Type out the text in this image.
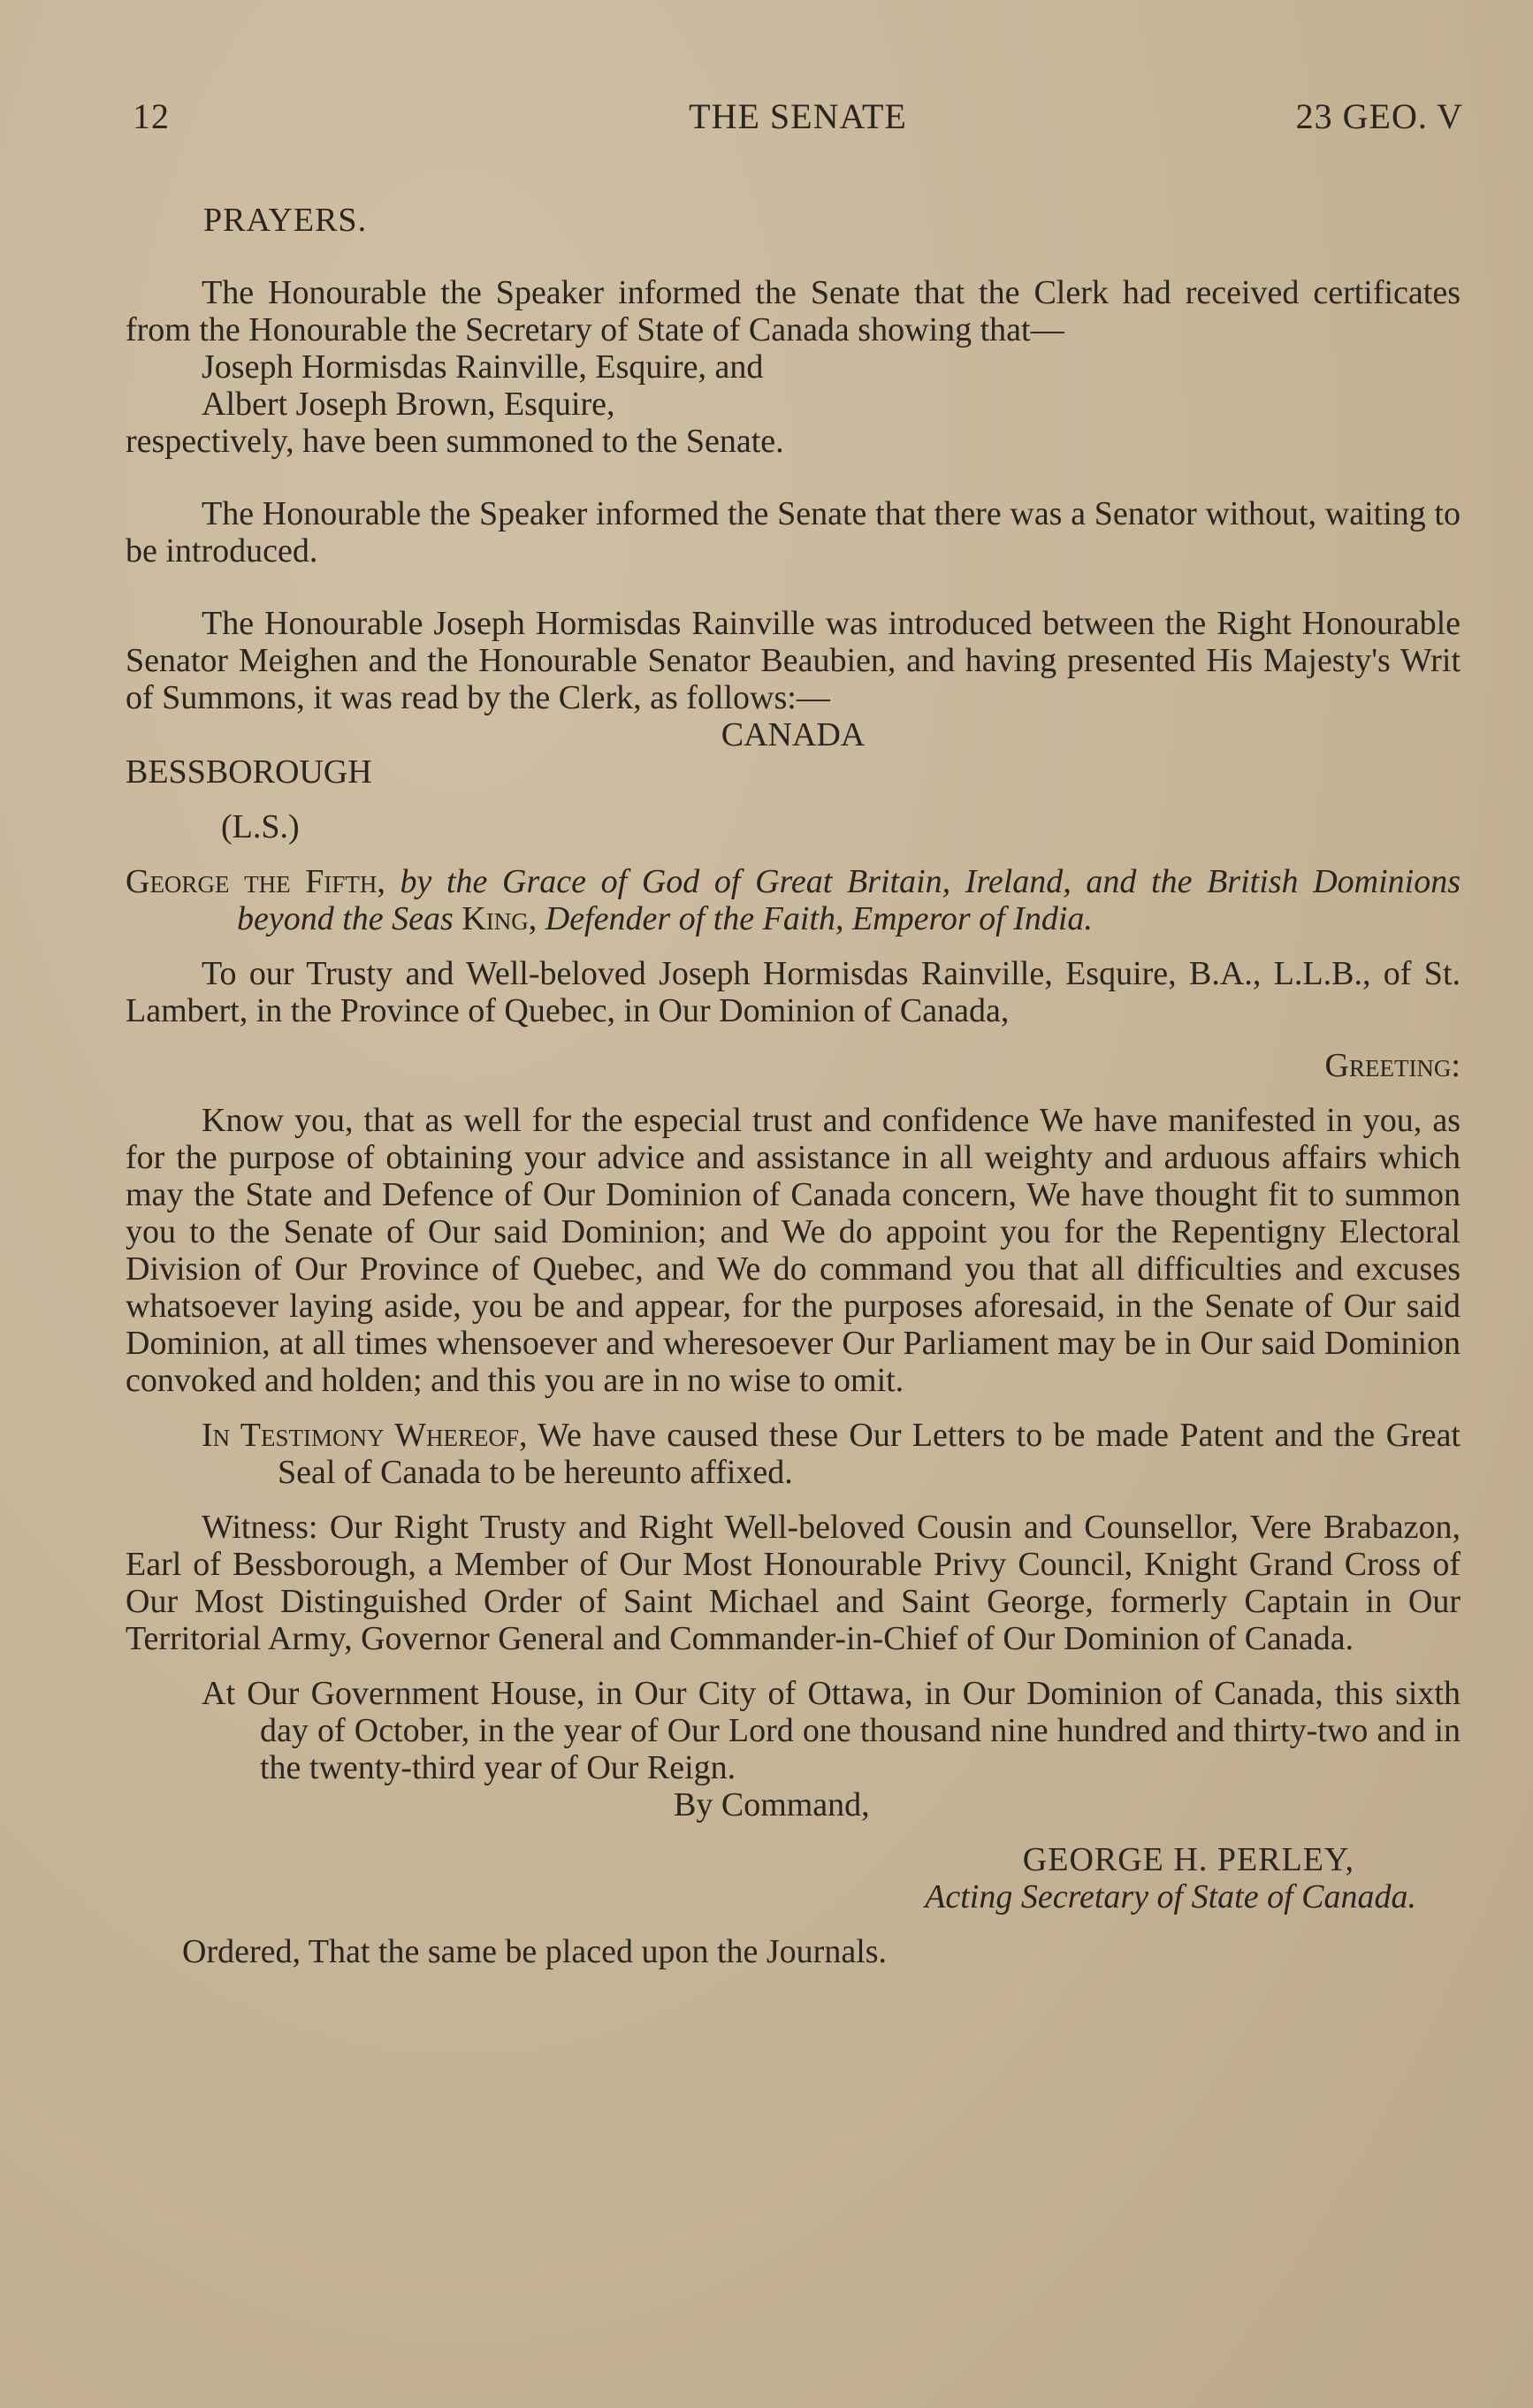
12	THE SENATE	23 GEO. V

PRAYERS.

The Honourable the Speaker informed the Senate that the Clerk had received certificates from the Honourable the Secretary of State of Canada showing that—

Joseph Hormisdas Rainville, Esquire, and

Albert Joseph Brown, Esquire,

respectively, have been summoned to the Senate.

The Honourable the Speaker informed the Senate that there was a Senator without, waiting to be introduced.

The Honourable Joseph Hormisdas Rainville was introduced between the Right Honourable Senator Meighen and the Honourable Senator Beaubien, and having presented His Majesty's Writ of Summons, it was read by the Clerk, as follows:—

CANADA

BESSBOROUGH

(L.S.)

George the Fifth, by the Grace of God of Great Britain, Ireland, and the British Dominions beyond the Seas King, Defender of the Faith, Emperor of India.

To our Trusty and Well-beloved Joseph Hormisdas Rainville, Esquire, B.A., L.L.B., of St. Lambert, in the Province of Quebec, in Our Dominion of Canada,

Greeting:

Know you, that as well for the especial trust and confidence We have manifested in you, as for the purpose of obtaining your advice and assistance in all weighty and arduous affairs which may the State and Defence of Our Dominion of Canada concern, We have thought fit to summon you to the Senate of Our said Dominion; and We do appoint you for the Repentigny Electoral Division of Our Province of Quebec, and We do command you that all difficulties and excuses whatsoever laying aside, you be and appear, for the purposes aforesaid, in the Senate of Our said Dominion, at all times whensoever and wheresoever Our Parliament may be in Our said Dominion convoked and holden; and this you are in no wise to omit.

In Testimony Whereof, We have caused these Our Letters to be made Patent and the Great Seal of Canada to be hereunto affixed.

Witness: Our Right Trusty and Right Well-beloved Cousin and Counsellor, Vere Brabazon, Earl of Bessborough, a Member of Our Most Honourable Privy Council, Knight Grand Cross of Our Most Distinguished Order of Saint Michael and Saint George, formerly Captain in Our Territorial Army, Governor General and Commander-in-Chief of Our Dominion of Canada.

At Our Government House, in Our City of Ottawa, in Our Dominion of Canada, this sixth day of October, in the year of Our Lord one thousand nine hundred and thirty-two and in the twenty-third year of Our Reign.

By Command,

GEORGE H. PERLEY,

Acting Secretary of State of Canada.

Ordered, That the same be placed upon the Journals.
